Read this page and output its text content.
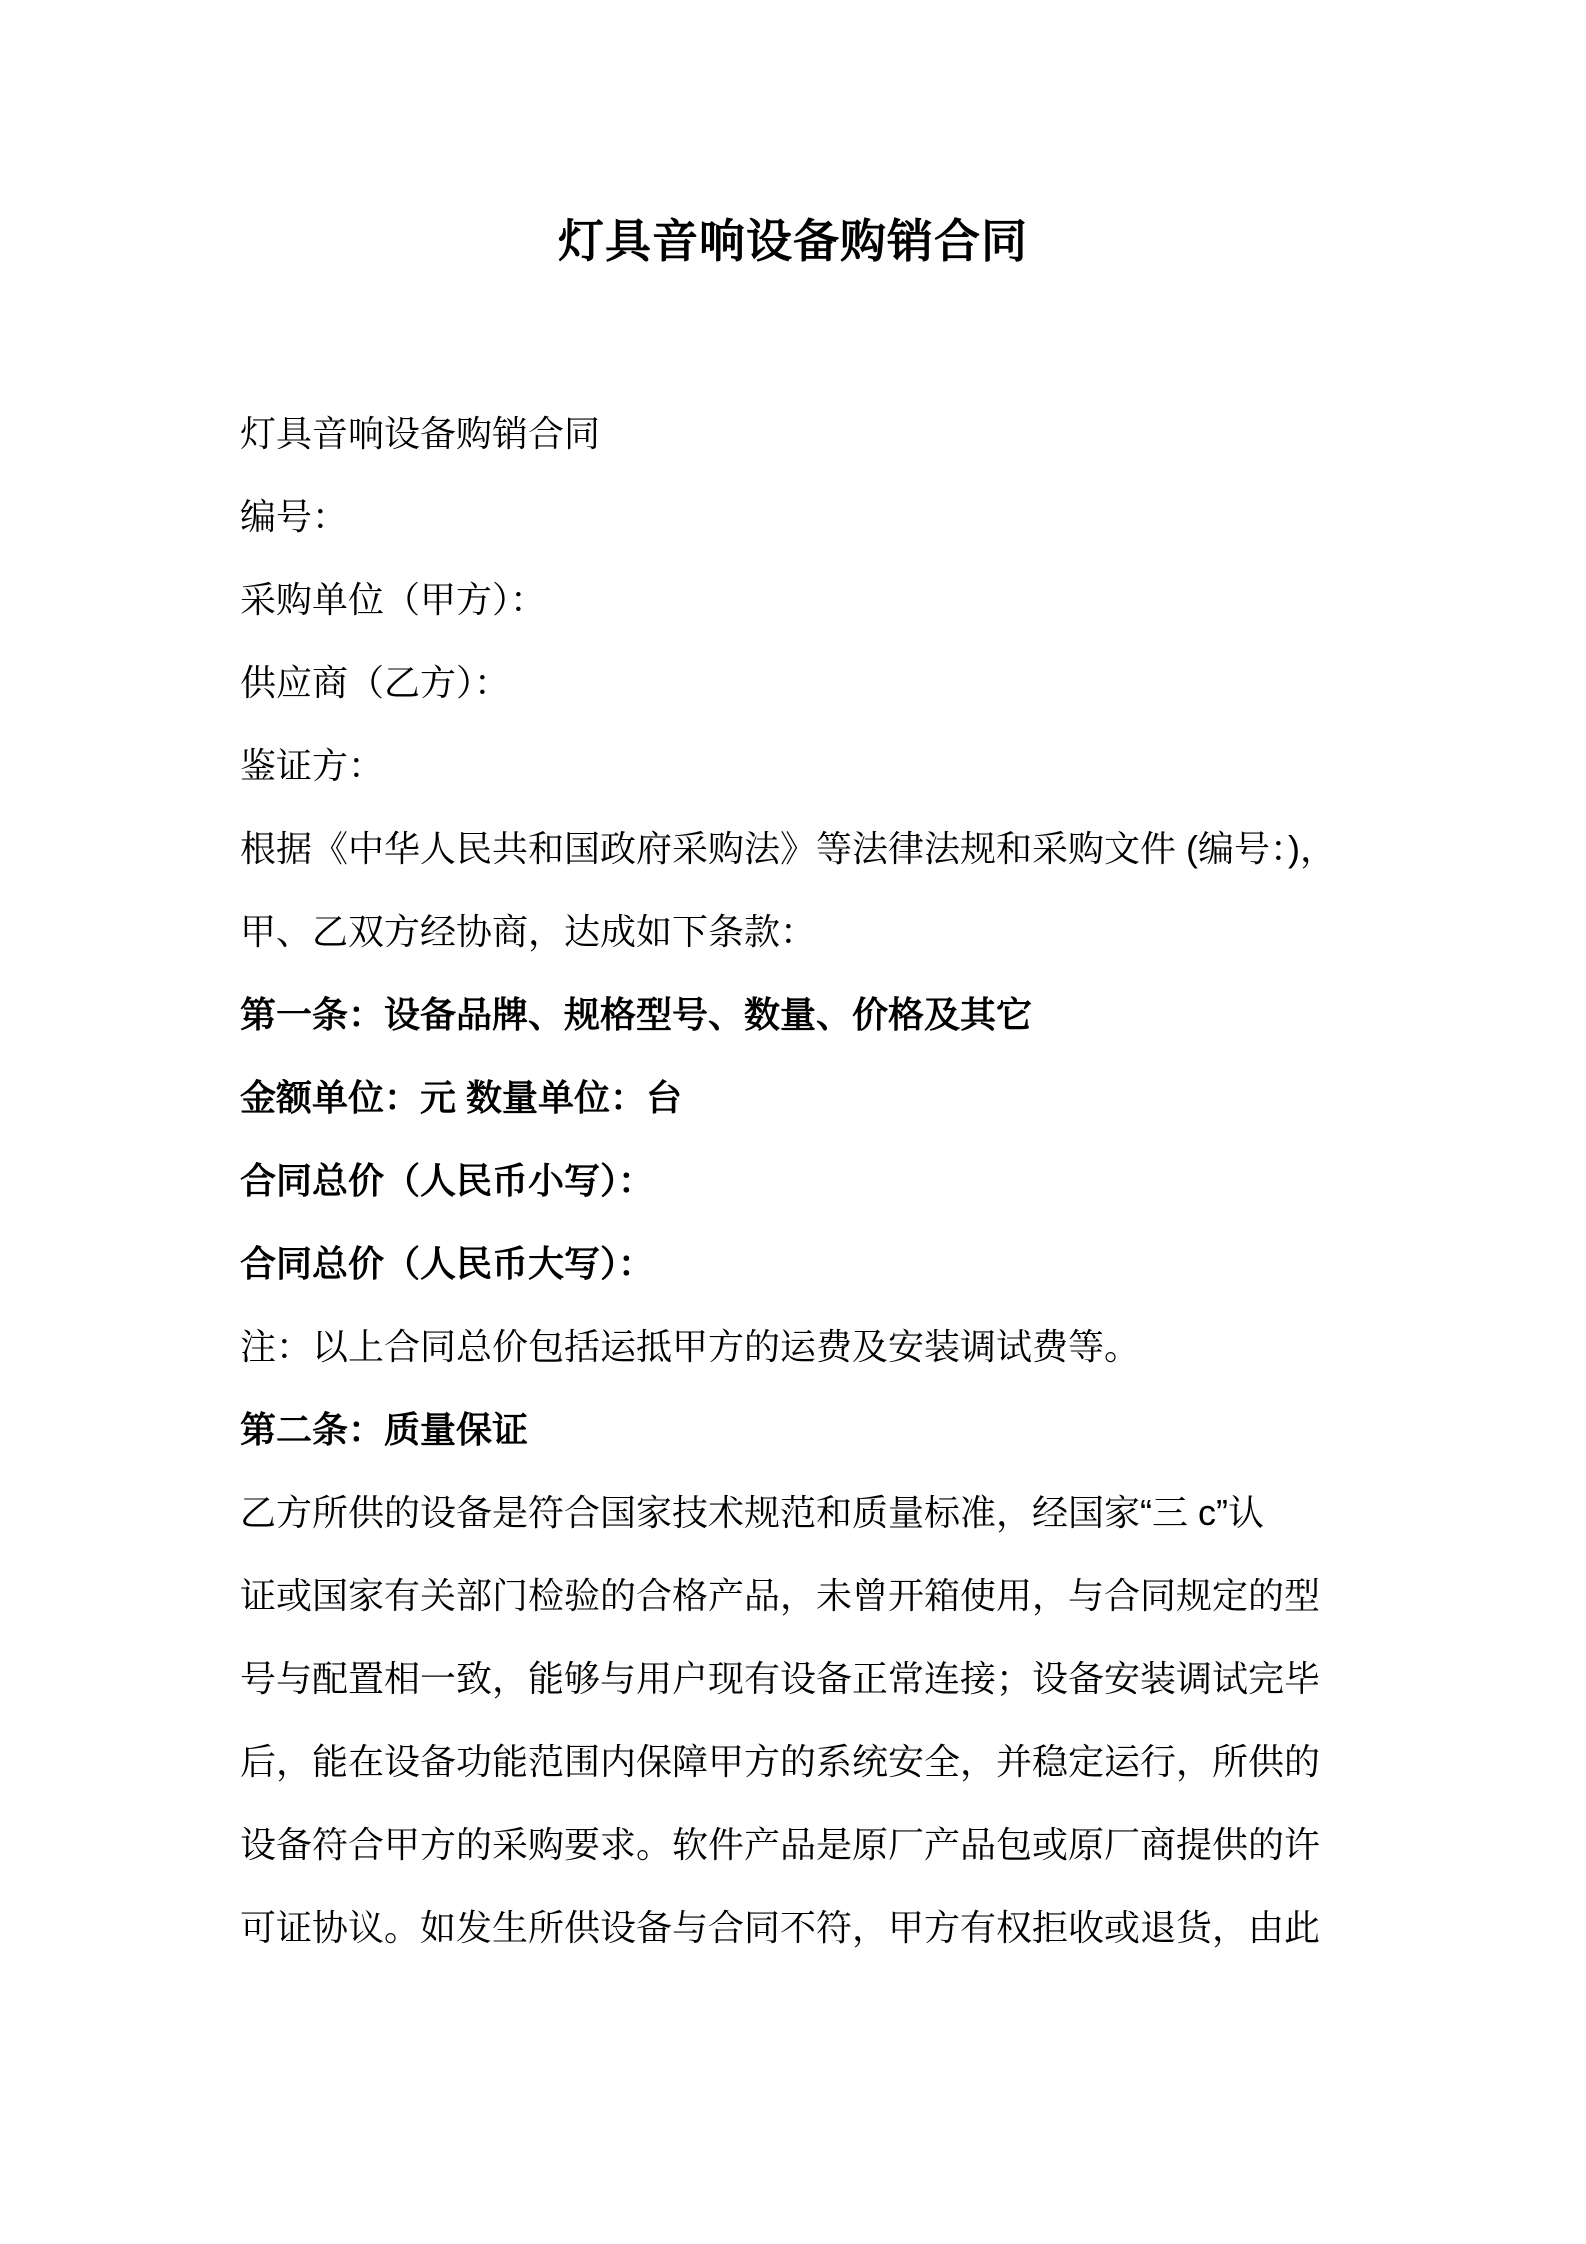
灯具音响设备购销合同
灯具音响设备购销合同
编号：
采购单位（甲方）：
供应商（乙方）：
鉴证方：
根据《中华人民共和国政府采购法》等法律法规和采购文件 (编号：)，
甲、乙双方经协商，达成如下条款：
第一条：设备品牌、规格型号、数量、价格及其它
金额单位：元 数量单位：台
合同总价（人民币小写）：
合同总价（人民币大写）：
注：以上合同总价包括运抵甲方的运费及安装调试费等。
第二条：质量保证
乙方所供的设备是符合国家技术规范和质量标准，经国家“三 c”认
证或国家有关部门检验的合格产品，未曾开箱使用，与合同规定的型
号与配置相一致，能够与用户现有设备正常连接；设备安装调试完毕
后，能在设备功能范围内保障甲方的系统安全，并稳定运行，所供的
设备符合甲方的采购要求。软件产品是原厂产品包或原厂商提供的许
可证协议。如发生所供设备与合同不符，甲方有权拒收或退货，由此
